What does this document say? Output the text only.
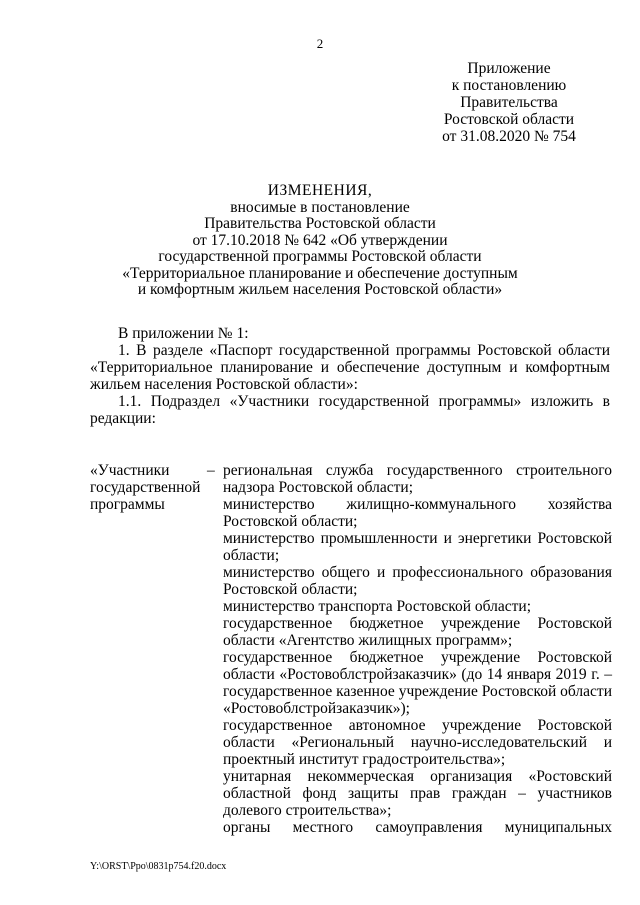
2
Приложение
к постановлению
Правительства
Ростовской области
от 31.08.2020 № 754
ИЗМЕНЕНИЯ,
вносимые в постановление
Правительства Ростовской области
от 17.10.2018 № 642 «Об утверждении
государственной программы Ростовской области
«Территориальное планирование и обеспечение доступным
и комфортным жильем населения Ростовской области»

В приложении № 1:

1. В разделе «Паспорт государственной программы Ростовской области «Территориальное планирование и обеспечение доступным и комфортным жильем населения Ростовской области»:

1.1. Подраздел «Участники государственной программы» изложить в редакции:

«Участники государственной программы
– региональная служба государственного строительного надзора Ростовской области;

министерство жилищно-коммунального хозяйства Ростовской области;

министерство промышленности и энергетики Ростовской области;

министерство общего и профессионального образования Ростовской области;

министерство транспорта Ростовской области;

государственное бюджетное учреждение Ростовской области «Агентство жилищных программ»;

государственное бюджетное учреждение Ростовской области «Ростовоблстройзаказчик» (до 14 января 2019 г. – государственное казенное учреждение Ростовской области «Ростовоблстройзаказчик»);

государственное автономное учреждение Ростовской области «Региональный научно-исследовательский и проектный институт градостроительства»;

унитарная некоммерческая организация «Ростовский областной фонд защиты прав граждан – участников долевого строительства»;

органы местного самоуправления муниципальных

Y:\ORST\Ppo\0831p754.f20.docx
